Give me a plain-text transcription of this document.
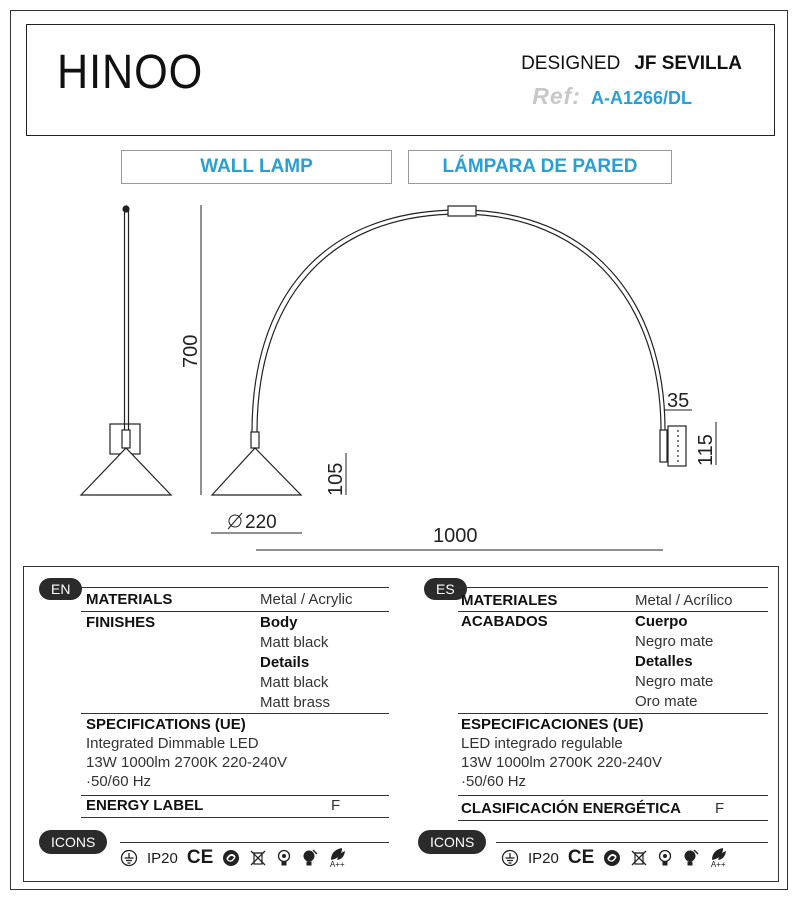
HINOO	DESIGNED JF SEVILLA
Ref: A-A1266/DL
WALL LAMP	LÁMPARA DE PARED
700
35
115
105
220
1000
EN
MATERIALS	Metal / Acrylic
FINISHES	Body
Matt black
Details
Matt black
Matt brass
SPECIFICATIONS (UE)
Integrated Dimmable LED
13W 1000lm 2700K 220-240V
·50/60 Hz
ENERGY LABEL	F
ICONS
IP20 CE	A++
ES
MATERIALES	Metal / Acrílico
ACABADOS	Cuerpo
Negro mate
Detalles
Negro mate
Oro mate
ESPECIFICACIONES (UE)
LED integrado regulable
13W 1000lm 2700K 220-240V
·50/60 Hz
CLASIFICACIÓN ENERGÉTICA F
ICONS
IP20 CE	A++
